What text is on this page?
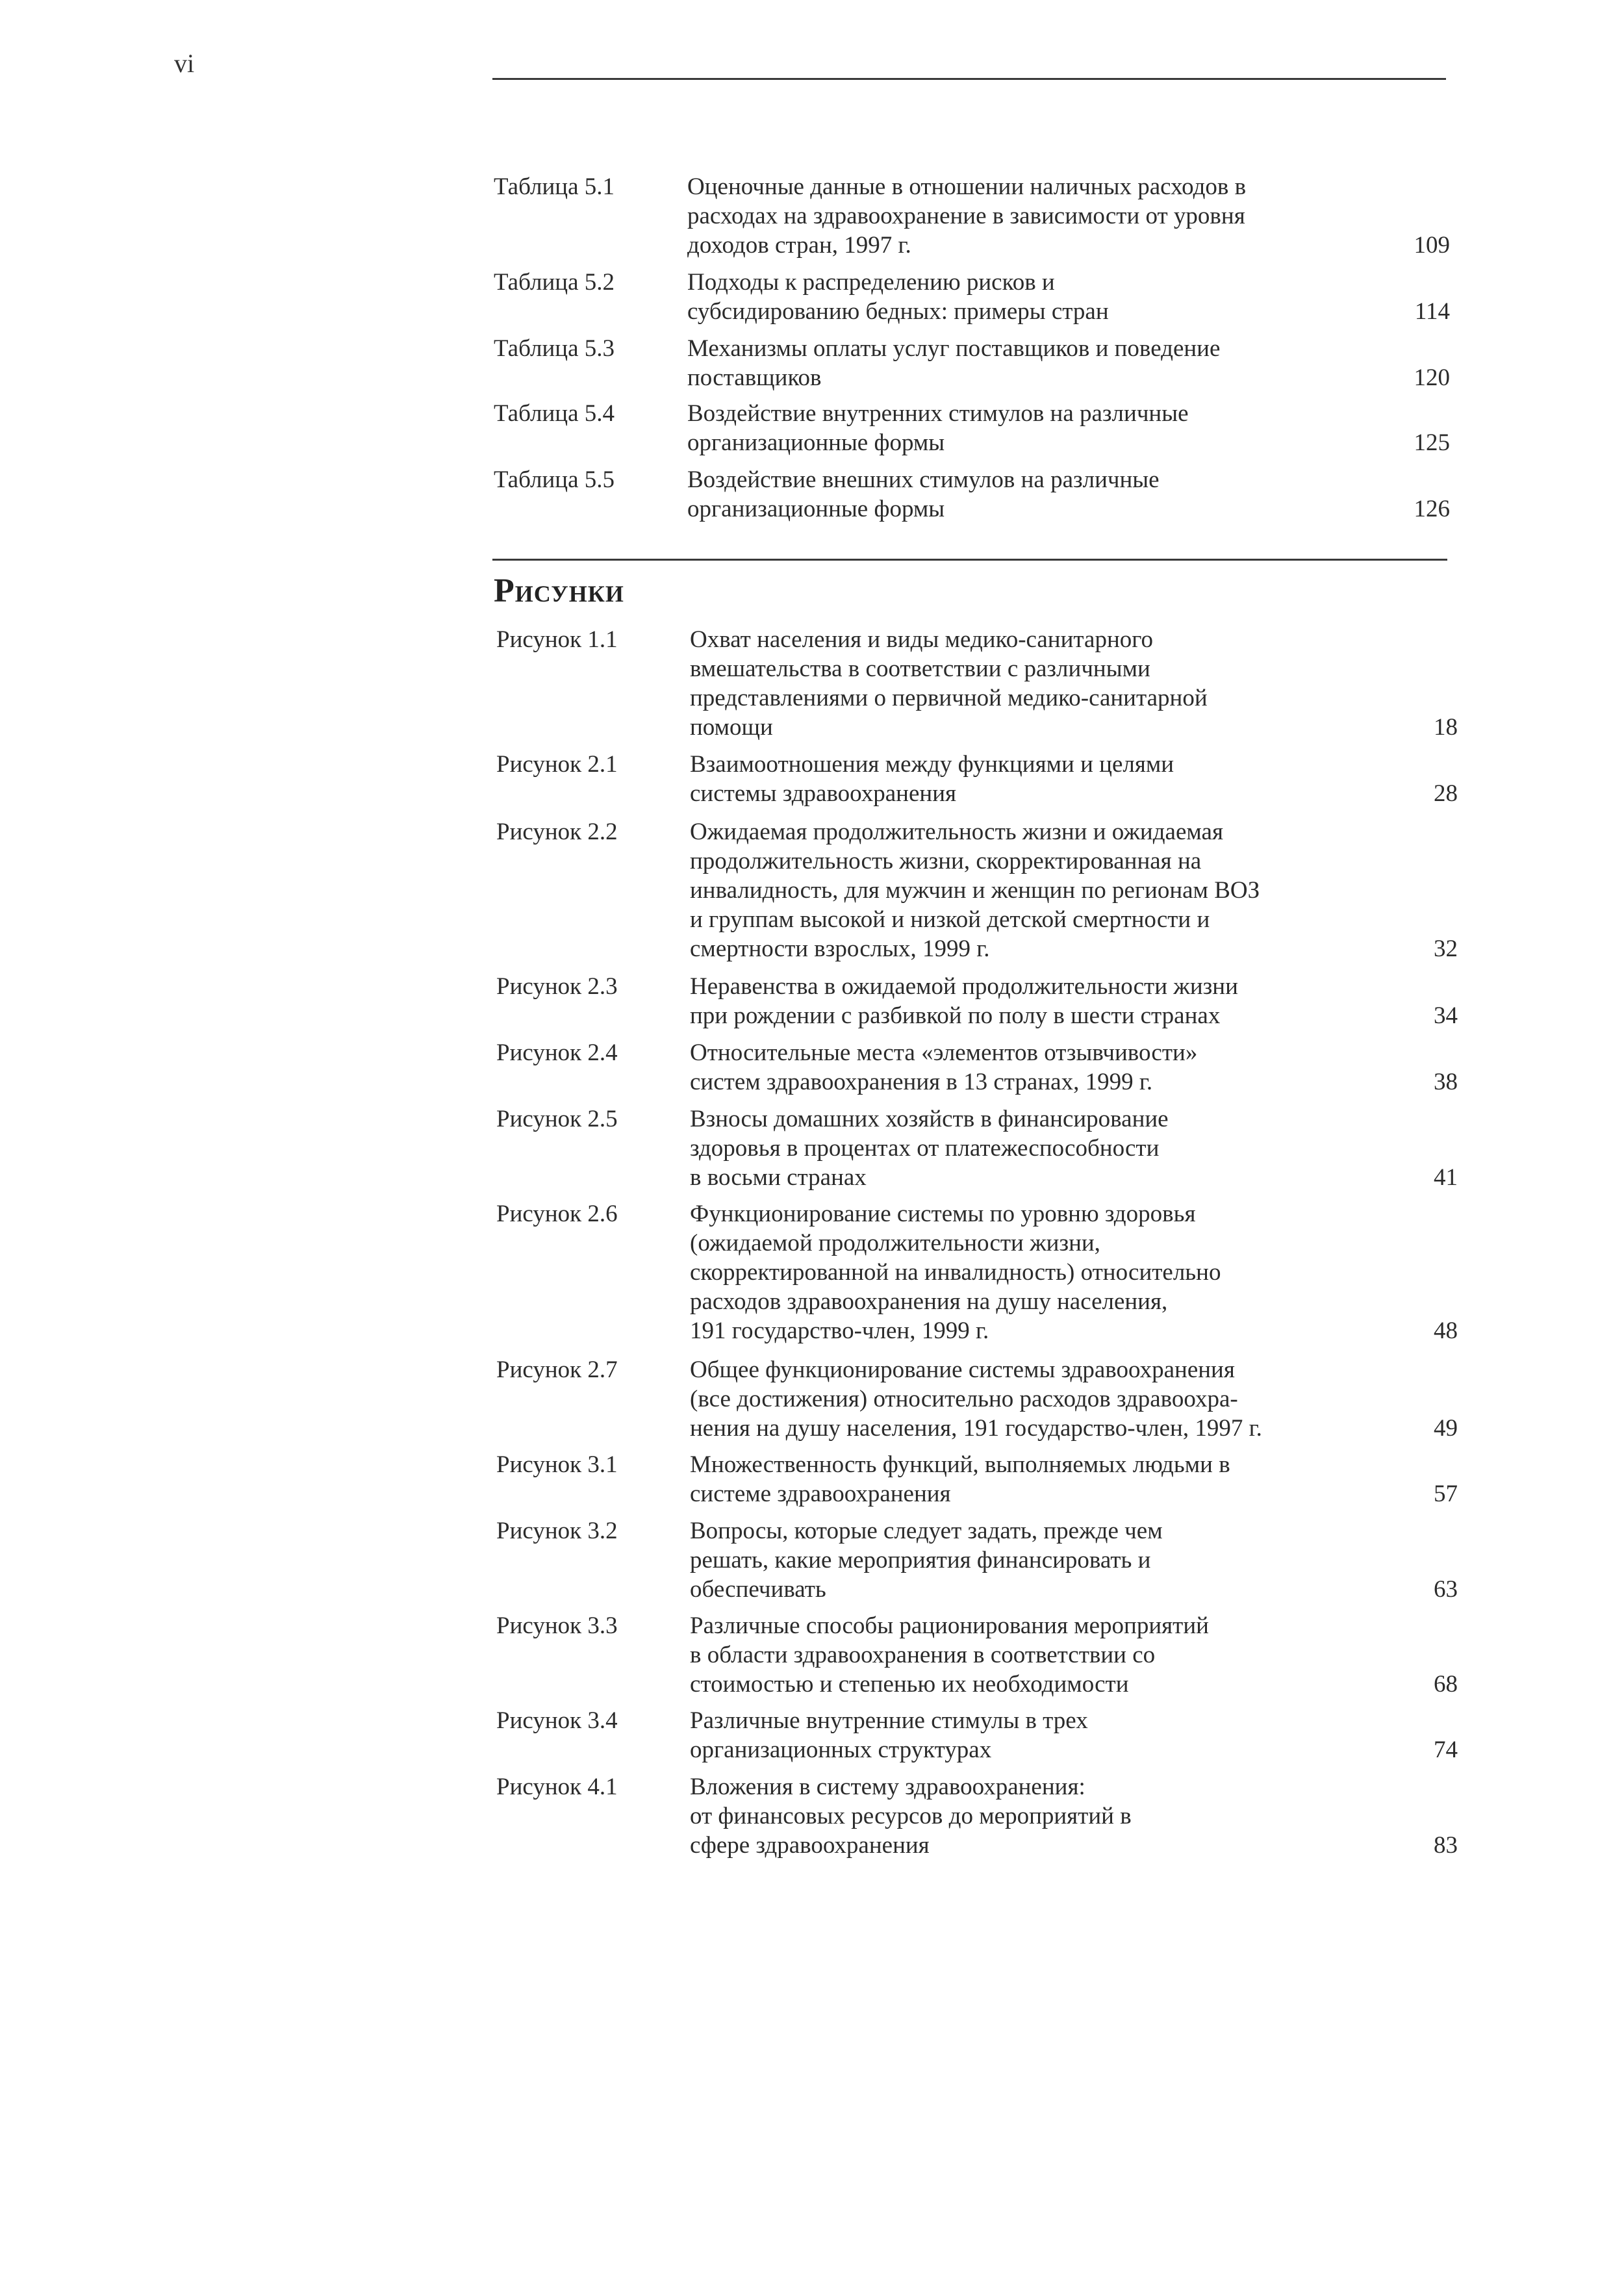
vi
Таблица 5.1	Оценочные данные в отношении наличных расходов в
расходах на здравоохранение в зависимости от уровня
доходов стран, 1997 г.	109
Таблица 5.2	Подходы к распределению рисков и
субсидированию бедных: примеры стран	114
Таблица 5.3	Механизмы оплаты услуг поставщиков и поведение
поставщиков	120
Таблица 5.4	Воздействие внутренних стимулов на различные
организационные формы	125
Таблица 5.5	Воздействие внешних стимулов на различные
организационные формы	126
Рисунки
Рисунок 1.1	Охват населения и виды медико-санитарного
вмешательства в соответствии с различными
представлениями о первичной медико-санитарной
помощи	18
Рисунок 2.1	Взаимоотношения между функциями и целями
системы здравоохранения	28
Рисунок 2.2	Ожидаемая продолжительность жизни и ожидаемая
продолжительность жизни, скорректированная на
инвалидность, для мужчин и женщин по регионам ВОЗ
и группам высокой и низкой детской смертности и
смертности взрослых, 1999 г.	32
Рисунок 2.3	Неравенства в ожидаемой продолжительности жизни
при рождении с разбивкой по полу в шести странах	34
Рисунок 2.4	Относительные места «элементов отзывчивости»
систем здравоохранения в 13 странах, 1999 г.	38
Рисунок 2.5	Взносы домашних хозяйств в финансирование
здоровья в процентах от платежеспособности
в восьми странах	41
Рисунок 2.6	Функционирование системы по уровню здоровья
(ожидаемой продолжительности жизни,
скорректированной на инвалидность) относительно
расходов здравоохранения на душу населения,
191 государство-член, 1999 г.	48
Рисунок 2.7	Общее функционирование системы здравоохранения
(все достижения) относительно расходов здравоохра-
нения на душу населения, 191 государство-член, 1997 г.	49
Рисунок 3.1	Множественность функций, выполняемых людьми в
системе здравоохранения	57
Рисунок 3.2	Вопросы, которые следует задать, прежде чем
решать, какие мероприятия финансировать и
обеспечивать	63
Рисунок 3.3	Различные способы рационирования мероприятий
в области здравоохранения в соответствии со
стоимостью и степенью их необходимости	68
Рисунок 3.4	Различные внутренние стимулы в трех
организационных структурах	74
Рисунок 4.1	Вложения в систему здравоохранения:
от финансовых ресурсов до мероприятий в
сфере здравоохранения	83
